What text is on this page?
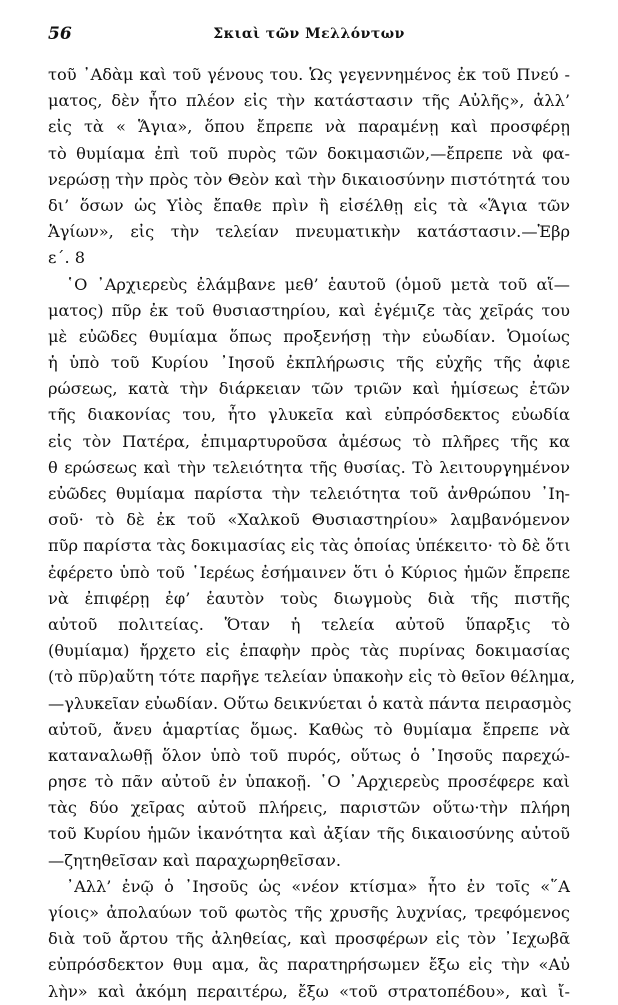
56	Σκιαὶ τῶν Μελλόντων
τοῦ ᾿Αδὰμ καὶ τοῦ γένους του. Ὡς γεγεννημένος ἐκ τοῦ Πνεύ -
ματος, δὲν ἦτο πλέον εἰς τὴν κατάστασιν τῆς Αὐλῆς», ἀλλ’
εἰς τὰ « Ἅγια», ὅπου ἔπρεπε νὰ παραμένῃ καὶ προσφέρῃ
τὸ θυμίαμα ἐπὶ τοῦ πυρὸς τῶν δοκιμασιῶν,—ἔπρεπε νὰ φα-
νερώσῃ τὴν πρὸς τὸν Θεὸν καὶ τὴν δικαιοσύνην πιστότητά του
δι’ ὅσων ὡς Υἱὸς ἔπαθε πρὶν ἢ εἰσέλθῃ εἰς τὰ «Ἅγια τῶν
Ἁγίων», εἰς τὴν τελείαν πνευματικὴν κατάστασιν.—Ἑβρ
ε΄. 8
῾Ο ᾿Αρχιερεὺς ἐλάμβανε μεθ’ ἑαυτοῦ (ὁμοῦ μετὰ τοῦ αἵ—
ματος) πῦρ ἐκ τοῦ θυσιαστηρίου, καὶ ἐγέμιζε τὰς χεῖράς του
μὲ εὐῶδες θυμίαμα ὅπως προξενήσῃ τὴν εὐωδίαν. Ὁμοίως
ἡ ὑπὸ τοῦ Κυρίου ᾿Ιησοῦ ἐκπλήρωσις τῆς εὐχῆς τῆς ἀφιε
ρώσεως, κατὰ τὴν διάρκειαν τῶν τριῶν καὶ ἡμίσεως ἐτῶν
τῆς διακονίας του, ἦτο γλυκεῖα καὶ εὐπρόσδεκτος εὐωδία
εἰς τὸν Πατέρα, ἐπιμαρτυροῦσα ἀμέσως τὸ πλῆρες τῆς κα
θ ερώσεως καὶ τὴν τελειότητα τῆς θυσίας. Τὸ λειτουργημένον
εὐῶδες θυμίαμα παρίστα τὴν τελειότητα τοῦ ἀνθρώπου ᾿Ιη-
σοῦ· τὸ δὲ ἐκ τοῦ «Χαλκοῦ Θυσιαστηρίου» λαμβανόμενον
πῦρ παρίστα τὰς δοκιμασίας εἰς τὰς ὁποίας ὑπέκειτο· τὸ δὲ ὅτι
ἐφέρετο ὑπὸ τοῦ ῾Ιερέως ἐσήμαινεν ὅτι ὁ Κύριος ἡμῶν ἔπρεπε
νὰ ἐπιφέρῃ ἐφ’ ἑαυτὸν τοὺς διωγμοὺς διὰ τῆς πιστῆς
αὐτοῦ πολιτείας. Ὅταν ἡ τελεία αὐτοῦ ὕπαρξις τὸ
(θυμίαμα) ἤρχετο εἰς ἐπαφὴν πρὸς τὰς πυρίνας δοκιμασίας
(τὸ πῦρ)αὕτη τότε παρῆγε τελείαν ὑπακοὴν εἰς τὸ θεῖον θέλημα,
—γλυκεῖαν εὐωδίαν. Οὕτω δεικνύεται ὁ κατὰ πάντα πειρασμὸς
αὐτοῦ, ἄνευ ἁμαρτίας ὅμως. Καθὼς τὸ θυμίαμα ἔπρεπε νὰ
καταναλωθῇ ὅλον ὑπὸ τοῦ πυρός, οὕτως ὁ ᾿Ιησοῦς παρεχώ-
ρησε τὸ πᾶν αὐτοῦ ἐν ὑπακοῇ. ῾Ο ᾿Αρχιερεὺς προσέφερε καὶ
τὰς δύο χεῖρας αὐτοῦ πλήρεις, παριστῶν οὕτω·τὴν πλήρη
τοῦ Κυρίου ἡμῶν ἱκανότητα καὶ ἀξίαν τῆς δικαιοσύνης αὐτοῦ
—ζητηθεῖσαν καὶ παραχωρηθεῖσαν.
᾿Αλλ’ ἐνῷ ὁ ᾿Ιησοῦς ὡς «νέον κτίσμα» ἦτο ἐν τοῖς «῞Α
γίοις» ἀπολαύων τοῦ φωτὸς τῆς χρυσῆς λυχνίας, τρεφόμενος
διὰ τοῦ ἄρτου τῆς ἀληθείας, καὶ προσφέρων εἰς τὸν ᾿Ιεχωβᾶ
εὐπρόσδεκτον θυμ αμα, ἃς παρατηρήσωμεν ἔξω εἰς τὴν «Αὐ
λὴν» καὶ ἀκόμη περαιτέρω, ἔξω «τοῦ στρατοπέδου», καὶ ἴ-
